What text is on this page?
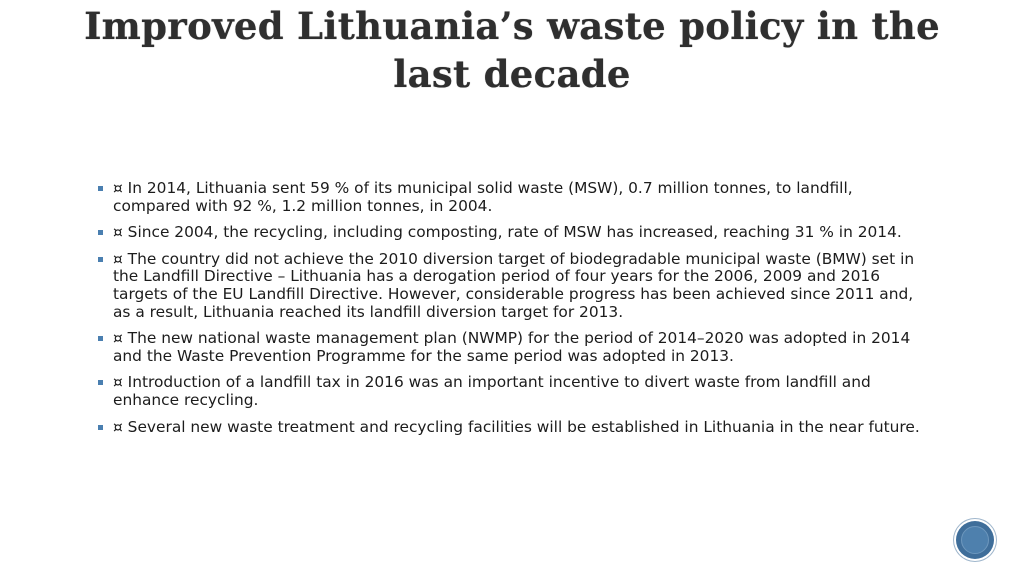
Improved Lithuania’s waste policy in the last decade
¤ In 2014, Lithuania sent 59 % of its municipal solid waste (MSW), 0.7 million tonnes, to landfill, compared with 92 %, 1.2 million tonnes, in 2004.
¤ Since 2004, the recycling, including composting, rate of MSW has increased, reaching 31 % in 2014.
¤ The country did not achieve the 2010 diversion target of biodegradable municipal waste (BMW) set in the Landfill Directive – Lithuania has a derogation period of four years for the 2006, 2009 and 2016 targets of the EU Landfill Directive. However, considerable progress has been achieved since 2011 and, as a result, Lithuania reached its landfill diversion target for 2013.
¤ The new national waste management plan (NWMP) for the period of 2014–2020 was adopted in 2014 and the Waste Prevention Programme for the same period was adopted in 2013.
¤ Introduction of a landfill tax in 2016 was an important incentive to divert waste from landfill and enhance recycling.
¤ Several new waste treatment and recycling facilities will be established in Lithuania in the near future.
